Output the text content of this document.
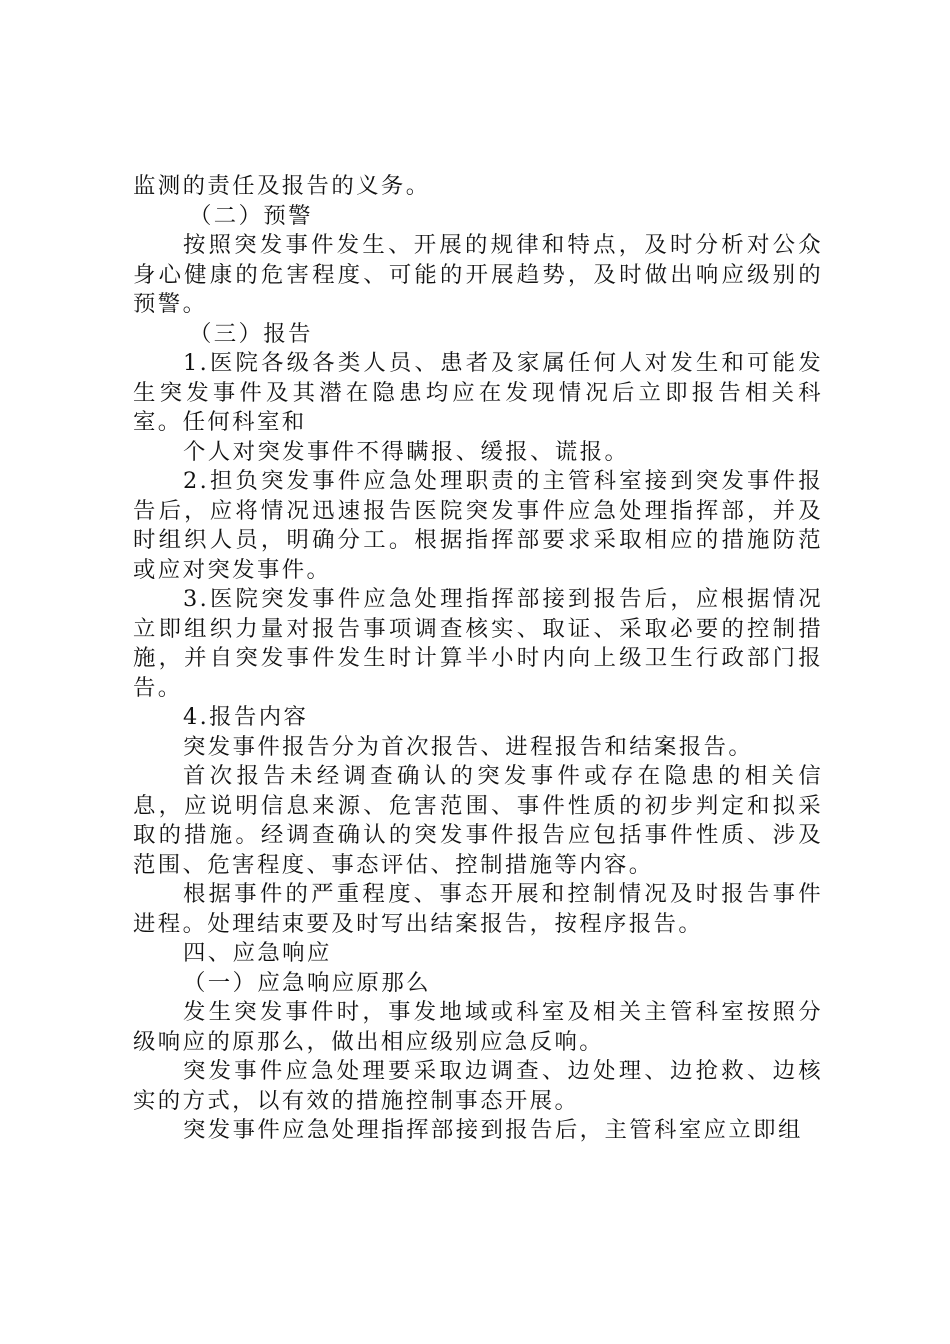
监测的责任及报告的义务。

（二）预警

按照突发事件发生、开展的规律和特点，及时分析对公众身心健康的危害程度、可能的开展趋势，及时做出响应级别的预警。

（三）报告

1.医院各级各类人员、患者及家属任何人对发生和可能发生突发事件及其潜在隐患均应在发现情况后立即报告相关科室。任何科室和

个人对突发事件不得瞒报、缓报、谎报。

2.担负突发事件应急处理职责的主管科室接到突发事件报告后，应将情况迅速报告医院突发事件应急处理指挥部，并及时组织人员，明确分工。根据指挥部要求采取相应的措施防范或应对突发事件。

3.医院突发事件应急处理指挥部接到报告后，应根据情况立即组织力量对报告事项调查核实、取证、采取必要的控制措施，并自突发事件发生时计算半小时内向上级卫生行政部门报告。

4.报告内容

突发事件报告分为首次报告、进程报告和结案报告。

首次报告未经调查确认的突发事件或存在隐患的相关信息，应说明信息来源、危害范围、事件性质的初步判定和拟采取的措施。经调查确认的突发事件报告应包括事件性质、涉及范围、危害程度、事态评估、控制措施等内容。

根据事件的严重程度、事态开展和控制情况及时报告事件进程。处理结束要及时写出结案报告，按程序报告。

四、应急响应

（一）应急响应原那么

发生突发事件时，事发地域或科室及相关主管科室按照分级响应的原那么，做出相应级别应急反响。

突发事件应急处理要采取边调查、边处理、边抢救、边核实的方式，以有效的措施控制事态开展。

突发事件应急处理指挥部接到报告后，主管科室应立即组
